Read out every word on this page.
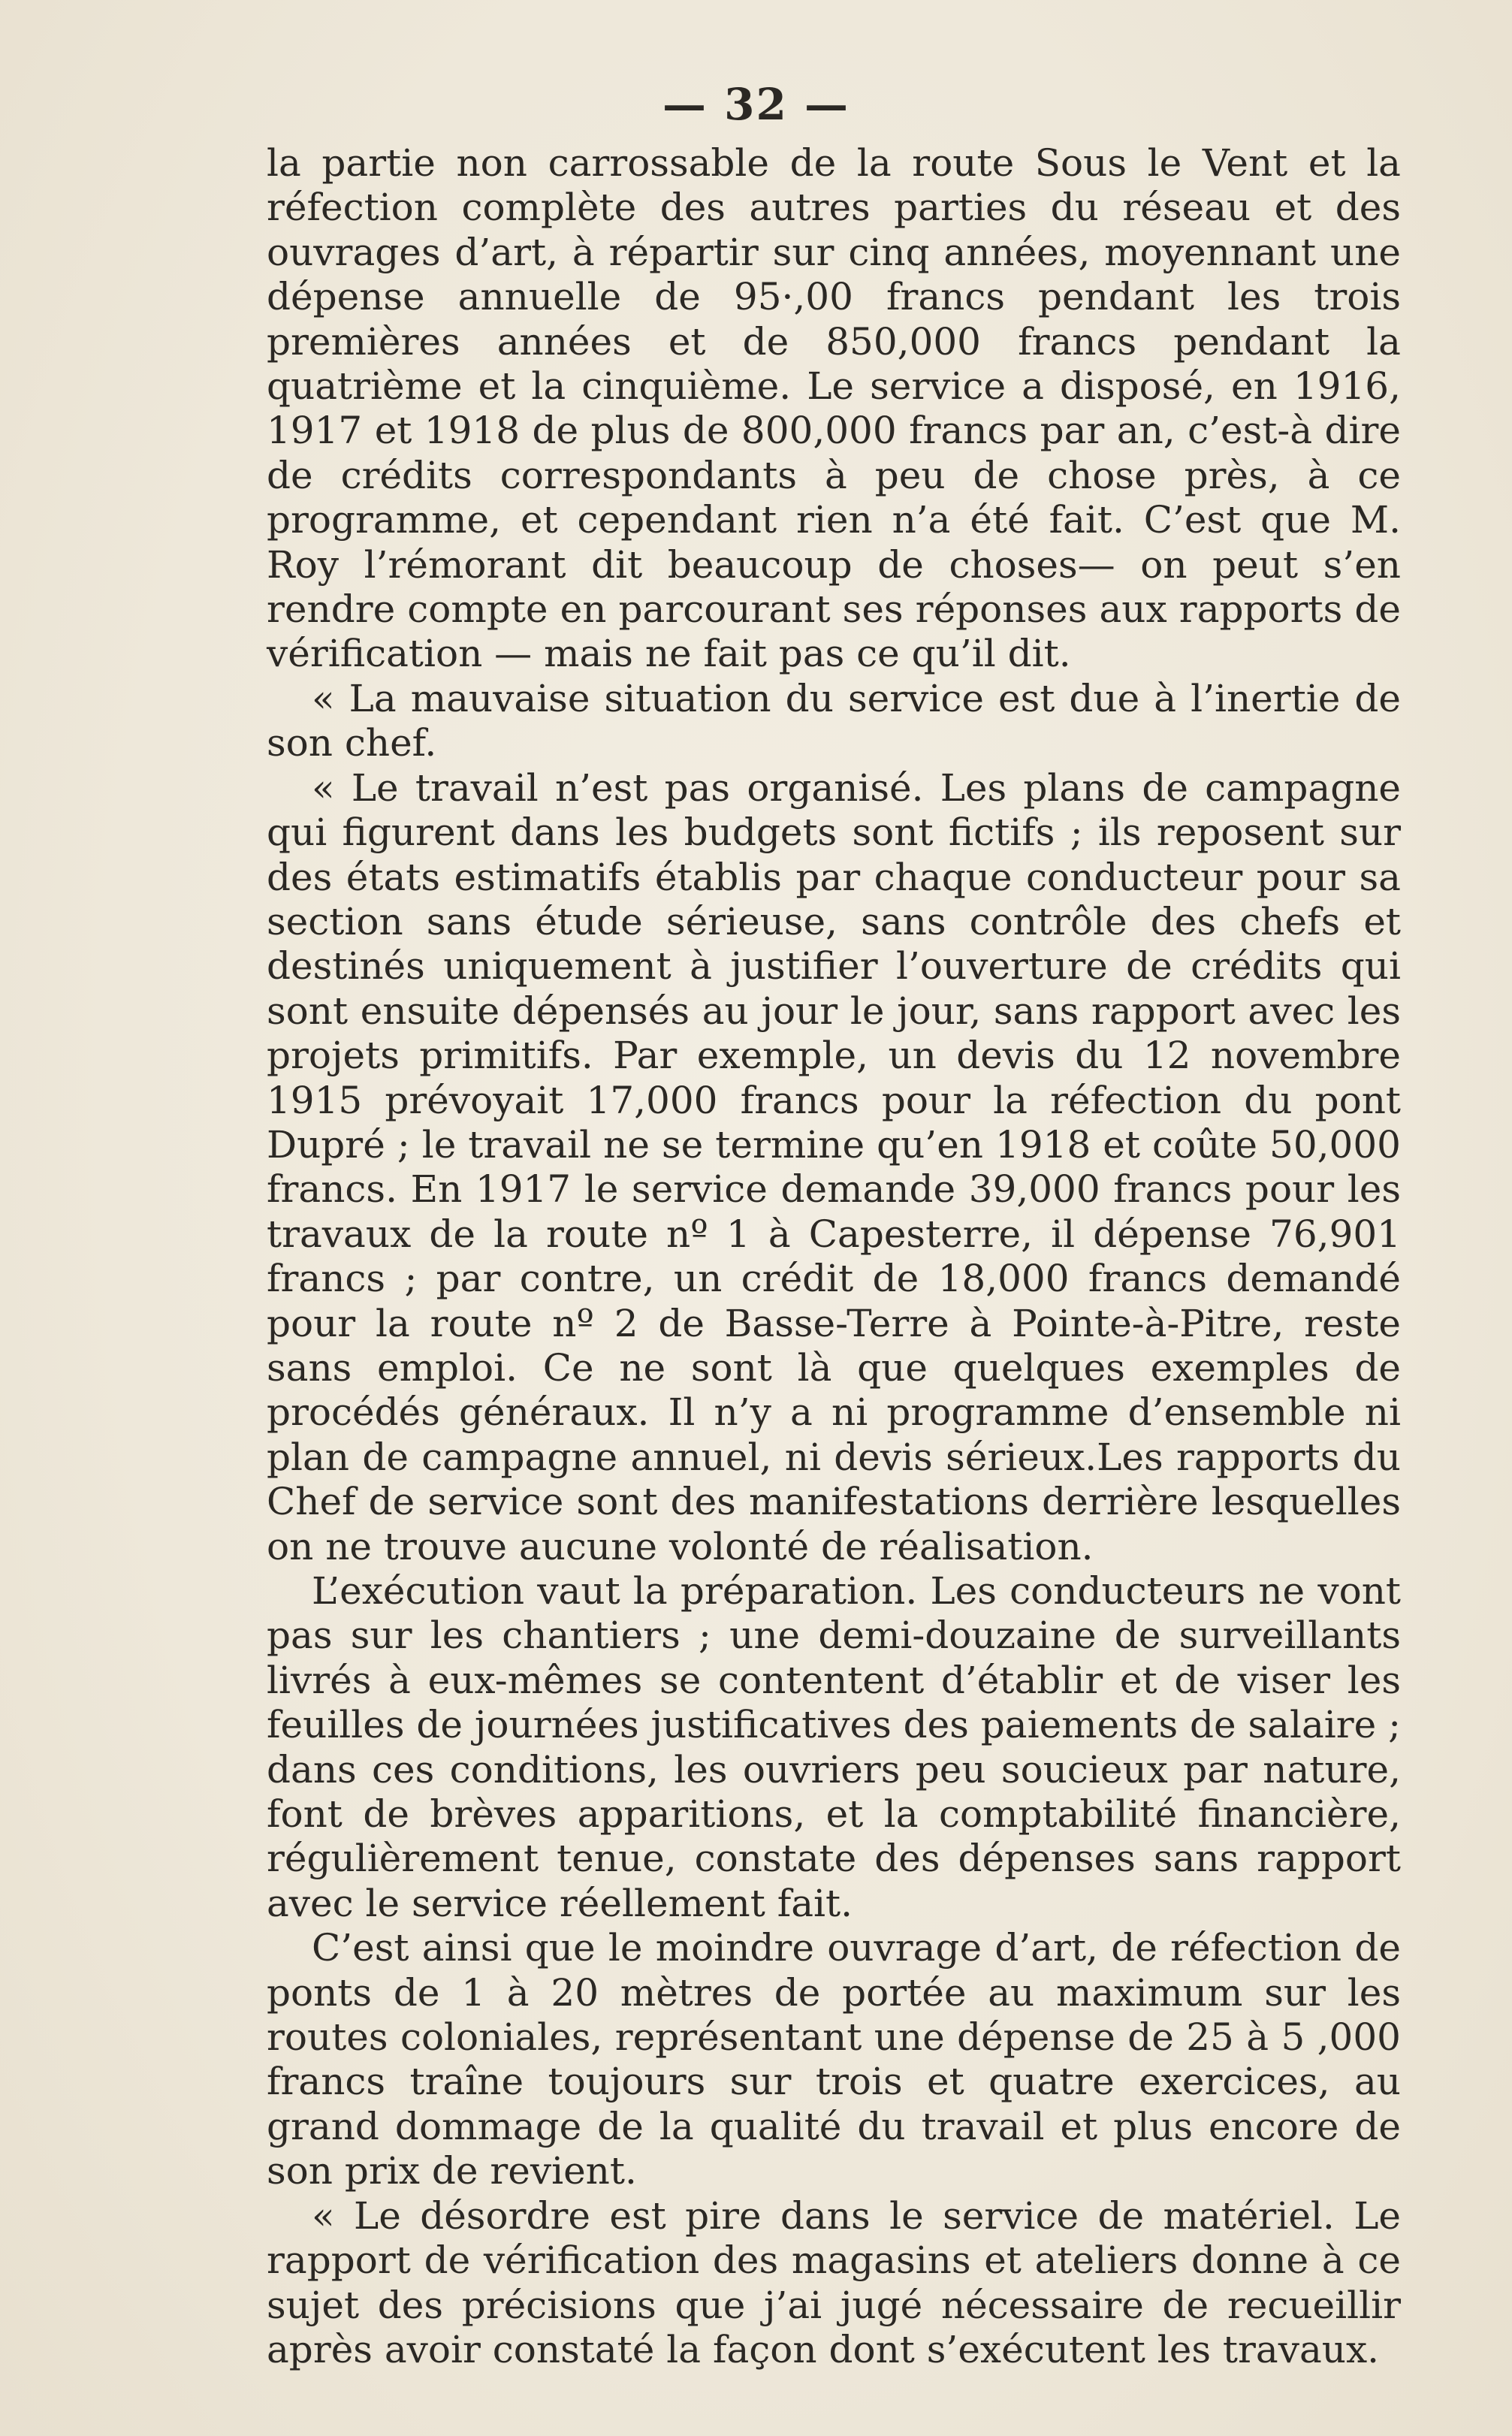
— 32 —

la partie non carrossable de la route Sous le Vent et la réfection complète des autres parties du réseau et des ouvrages d’art, à répartir sur cinq années, moyennant une dépense annuelle de 95⁠·⁠,00 francs pendant les trois premières années et de 850,000 francs pendant la quatrième et la cinquième. Le service a disposé, en 1916, 1917 et 1918 de plus de 800,000 francs par an, c’est-à dire de crédits correspondants à peu de chose près, à ce programme, et cependant rien n’a été fait. C’est que M. Roy l’rémorant dit beaucoup de choses— on peut s’en rendre compte en parcourant ses réponses aux rapports de vérification — mais ne fait pas ce qu’il dit.

« La mauvaise situation du service est due à l’inertie de son chef.

« Le travail n’est pas organisé. Les plans de campagne qui figurent dans les budgets sont fictifs ; ils reposent sur des états estimatifs établis par chaque conducteur pour sa section sans étude sérieuse, sans contrôle des chefs et destinés uniquement à justifier l’ouverture de crédits qui sont ensuite dépensés au jour le jour, sans rapport avec les projets primitifs. Par exemple, un devis du 12 novembre 1915 prévoyait 17,000 francs pour la réfection du pont Dupré ; le travail ne se termine qu’en 1918 et coûte 50,000 francs. En 1917 le service demande 39,000 francs pour les travaux de la route nº 1 à Capesterre, il dépense 76,901 francs ; par contre, un crédit de 18,000 francs demandé pour la route nº 2 de Basse-Terre à Pointe-à-Pitre, reste sans emploi. Ce ne sont là que quelques exemples de procédés généraux. Il n’y a ni programme d’ensemble ni plan de campagne annuel, ni devis sérieux.Les rapports du Chef de service sont des manifestations derrière lesquelles on ne trouve aucune volonté de réalisation.

L’exécution vaut la préparation. Les conducteurs ne vont pas sur les chantiers ; une demi-douzaine de surveillants livrés à eux-mêmes se contentent d’établir et de viser les feuilles de journées justificatives des paiements de salaire ; dans ces conditions, les ouvriers peu soucieux par nature, font de brèves apparitions, et la comptabilité financière, régulièrement tenue, constate des dépenses sans rapport avec le service réellement fait.

C’est ainsi que le moindre ouvrage d’art, de réfection de ponts de 1 à 20 mètres de portée au maximum sur les routes coloniales, représentant une dépense de 25 à 5 ,000 francs traîne toujours sur trois et quatre exercices, au grand dommage de la qualité du travail et plus encore de son prix de revient.

« Le désordre est pire dans le service de matériel. Le rapport de vérification des magasins et ateliers donne à ce sujet des précisions que j’ai jugé nécessaire de recueillir après avoir constaté la façon dont s’exécutent les travaux.
